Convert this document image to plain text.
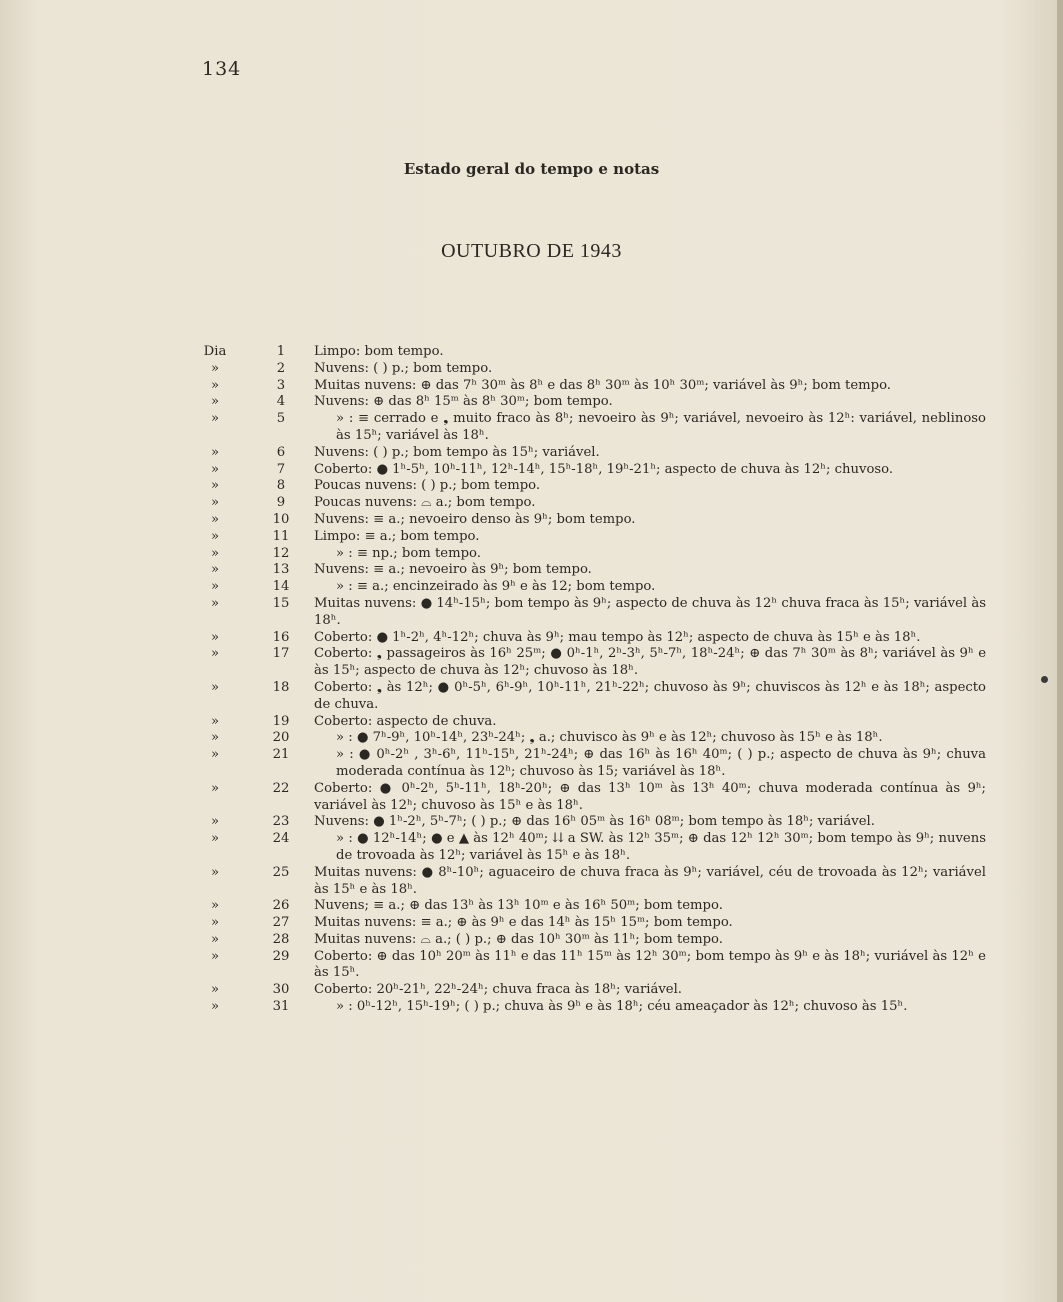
134
Estado geral do tempo e notas
OUTUBRO DE 1943
Dia	1	Limpo: bom tempo.
»	2	Nuvens: ( ) p.; bom tempo.
»	3	Muitas nuvens: ⊕ das 7ʰ 30ᵐ às 8ʰ e das 8ʰ 30ᵐ às 10ʰ 30ᵐ; variável às 9ʰ; bom tempo.
»	4	Nuvens: ⊕ das 8ʰ 15ᵐ às 8ʰ 30ᵐ; bom tempo.
»	5	» : ≡ cerrado e ❟ muito fraco às 8ʰ; nevoeiro às 9ʰ; variável, nevoeiro às 12ʰ: variável, neblinoso às 15ʰ; variável às 18ʰ.
»	6	Nuvens: ( ) p.; bom tempo às 15ʰ; variável.
»	7	Coberto: ● 1ʰ-5ʰ, 10ʰ-11ʰ, 12ʰ-14ʰ, 15ʰ-18ʰ, 19ʰ-21ʰ; aspecto de chuva às 12ʰ; chuvoso.
»	8	Poucas nuvens: ( ) p.; bom tempo.
»	9	Poucas nuvens: ⌓ a.; bom tempo.
»	10	Nuvens: ≡ a.; nevoeiro denso às 9ʰ; bom tempo.
»	11	Limpo: ≡ a.; bom tempo.
»	12	» : ≡ np.; bom tempo.
»	13	Nuvens: ≡ a.; nevoeiro às 9ʰ; bom tempo.
»	14	» : ≡ a.; encinzeirado às 9ʰ e às 12; bom tempo.
»	15	Muitas nuvens: ● 14ʰ-15ʰ; bom tempo às 9ʰ; aspecto de chuva às 12ʰ chuva fraca às 15ʰ; variável às 18ʰ.
»	16	Coberto: ● 1ʰ-2ʰ, 4ʰ-12ʰ; chuva às 9ʰ; mau tempo às 12ʰ; aspecto de chuva às 15ʰ e às 18ʰ.
»	17	Coberto: ❟ passageiros às 16ʰ 25ᵐ; ● 0ʰ-1ʰ, 2ʰ-3ʰ, 5ʰ-7ʰ, 18ʰ-24ʰ; ⊕ das 7ʰ 30ᵐ às 8ʰ; variável às 9ʰ e às 15ʰ; aspecto de chuva às 12ʰ; chuvoso às 18ʰ.
»	18	Coberto: ❟ às 12ʰ; ● 0ʰ-5ʰ, 6ʰ-9ʰ, 10ʰ-11ʰ, 21ʰ-22ʰ; chuvoso às 9ʰ; chuviscos às 12ʰ e às 18ʰ; aspecto de chuva.
»	19	Coberto: aspecto de chuva.
»	20	» : ● 7ʰ-9ʰ, 10ʰ-14ʰ, 23ʰ-24ʰ; ❟ a.; chuvisco às 9ʰ e às 12ʰ; chuvoso às 15ʰ e às 18ʰ.
»	21	» : ● 0ʰ-2ʰ , 3ʰ-6ʰ, 11ʰ-15ʰ, 21ʰ-24ʰ; ⊕ das 16ʰ às 16ʰ 40ᵐ; ( ) p.; aspecto de chuva às 9ʰ; chuva moderada contínua às 12ʰ; chuvoso às 15; variável às 18ʰ.
»	22	Coberto: ● 0ʰ-2ʰ, 5ʰ-11ʰ, 18ʰ-20ʰ; ⊕ das 13ʰ 10ᵐ às 13ʰ 40ᵐ; chuva moderada contínua às 9ʰ; variável às 12ʰ; chuvoso às 15ʰ e às 18ʰ.
»	23	Nuvens: ● 1ʰ-2ʰ, 5ʰ-7ʰ; ( ) p.; ⊕ das 16ʰ 05ᵐ às 16ʰ 08ᵐ; bom tempo às 18ʰ; variável.
»	24	» : ● 12ʰ-14ʰ; ● e ▲ às 12ʰ 40ᵐ; ⇊ a SW. às 12ʰ 35ᵐ; ⊕ das 12ʰ 12ʰ 30ᵐ; bom tempo às 9ʰ; nuvens de trovoada às 12ʰ; variável às 15ʰ e às 18ʰ.
»	25	Muitas nuvens: ● 8ʰ-10ʰ; aguaceiro de chuva fraca às 9ʰ; variável, céu de trovoada às 12ʰ; variável às 15ʰ e às 18ʰ.
»	26	Nuvens; ≡ a.; ⊕ das 13ʰ às 13ʰ 10ᵐ e às 16ʰ 50ᵐ; bom tempo.
»	27	Muitas nuvens: ≡ a.; ⊕ às 9ʰ e das 14ʰ às 15ʰ 15ᵐ; bom tempo.
»	28	Muitas nuvens: ⌓ a.; ( ) p.; ⊕ das 10ʰ 30ᵐ às 11ʰ; bom tempo.
»	29	Coberto: ⊕ das 10ʰ 20ᵐ às 11ʰ e das 11ʰ 15ᵐ às 12ʰ 30ᵐ; bom tempo às 9ʰ e às 18ʰ; vuriável às 12ʰ e às 15ʰ.
»	30	Coberto: 20ʰ-21ʰ, 22ʰ-24ʰ; chuva fraca às 18ʰ; variável.
»	31	» : 0ʰ-12ʰ, 15ʰ-19ʰ; ( ) p.; chuva às 9ʰ e às 18ʰ; céu ameaçador às 12ʰ; chuvoso às 15ʰ.
